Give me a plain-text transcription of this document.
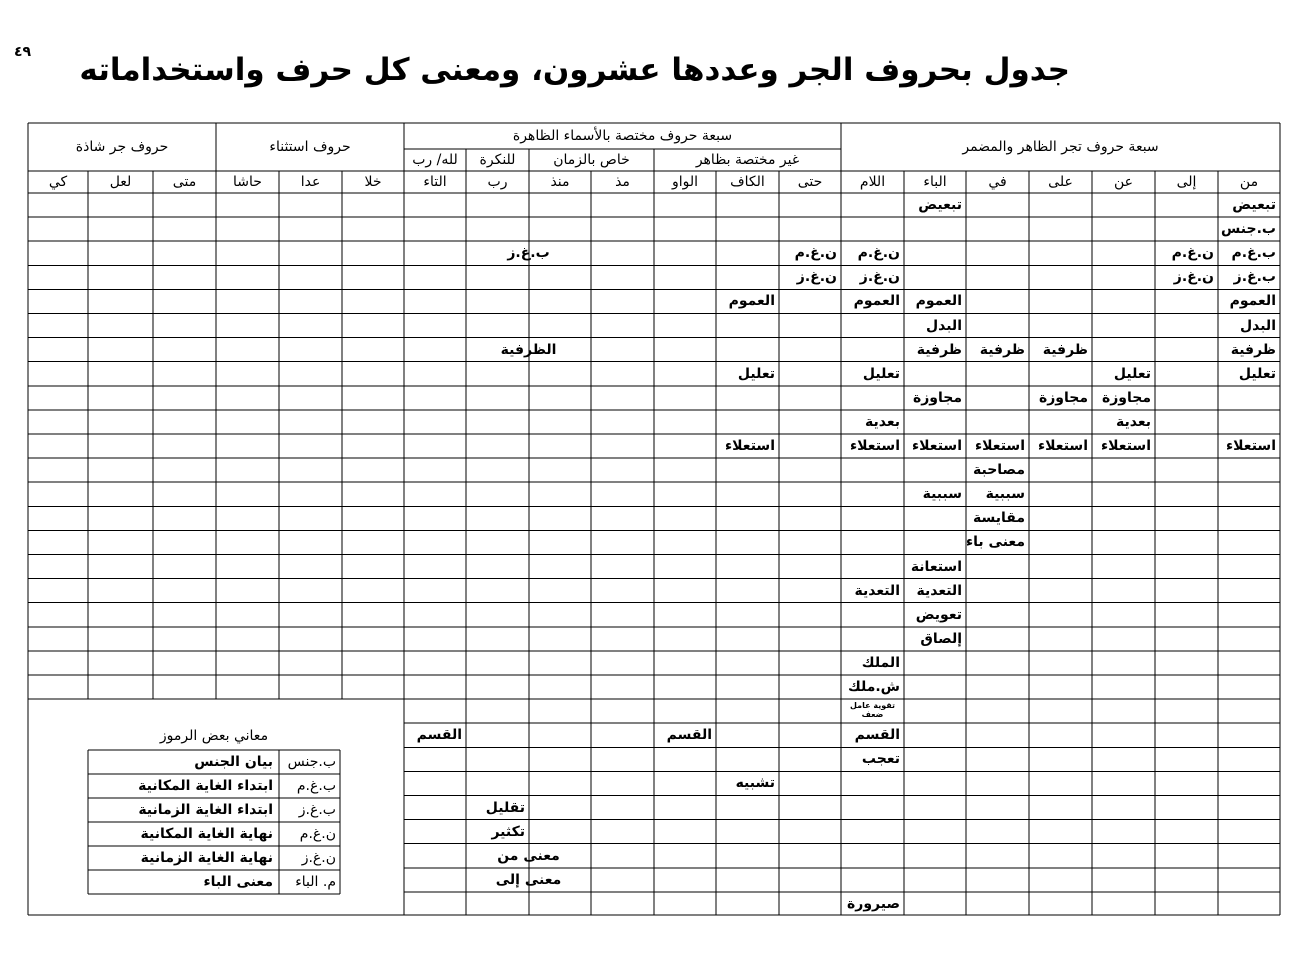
٤٩ جدول بحروف الجر وعددها عشرون، ومعنى كل حرف واستخداماته
سبعة حروف تجر الظاهر والمضمر
سبعة حروف مختصة بالأسماء الظاهرة
حروف استثناء
حروف جر شاذة
غير مختصة بظاهر
خاص بالزمان
للنكرة
لله/ رب
من
إلى
عن
على
في
الباء
اللام
حتى
الكاف
الواو
مذ
منذ
رب
التاء
خلا
عدا
حاشا
متى
لعل
كي
تبعيض
تبعيض
ب.جنس
ب.غ.م
ن.غ.م
ن.غ.م
ن.غ.م
ب.غ.ز
ب.غ.ز
ن.غ.ز
ن.غ.ز
ن.غ.ز
العموم
العموم
العموم
العموم
البدل
البدل
ظرفية
ظرفية
ظرفية
ظرفية
الظرفية
تعليل
تعليل
تعليل
تعليل
مجاوزة
مجاوزة
مجاوزة
بعدية
بعدية
استعلاء
استعلاء
استعلاء
استعلاء
استعلاء
استعلاء
استعلاء
مصاحبة
سببية
سببية
مقايسة
معنى باء
استعانة
التعدية
التعدية
تعويض
إلصاق
الملك
ش.ملك
تقوية عامل ضعف
القسم
القسم
القسم
تعجب
تشبيه
تقليل
تكثير
معنى من
معنى إلى
صيرورة
معاني بعض الرموز
ب.جنس
بيان الجنس
ب.غ.م
ابتداء الغاية المكانية
ب.غ.ز
ابتداء الغاية الزمانية
ن.غ.م
نهاية الغاية المكانية
ن.غ.ز
نهاية الغاية الزمانية
م. الباء
معنى الباء
